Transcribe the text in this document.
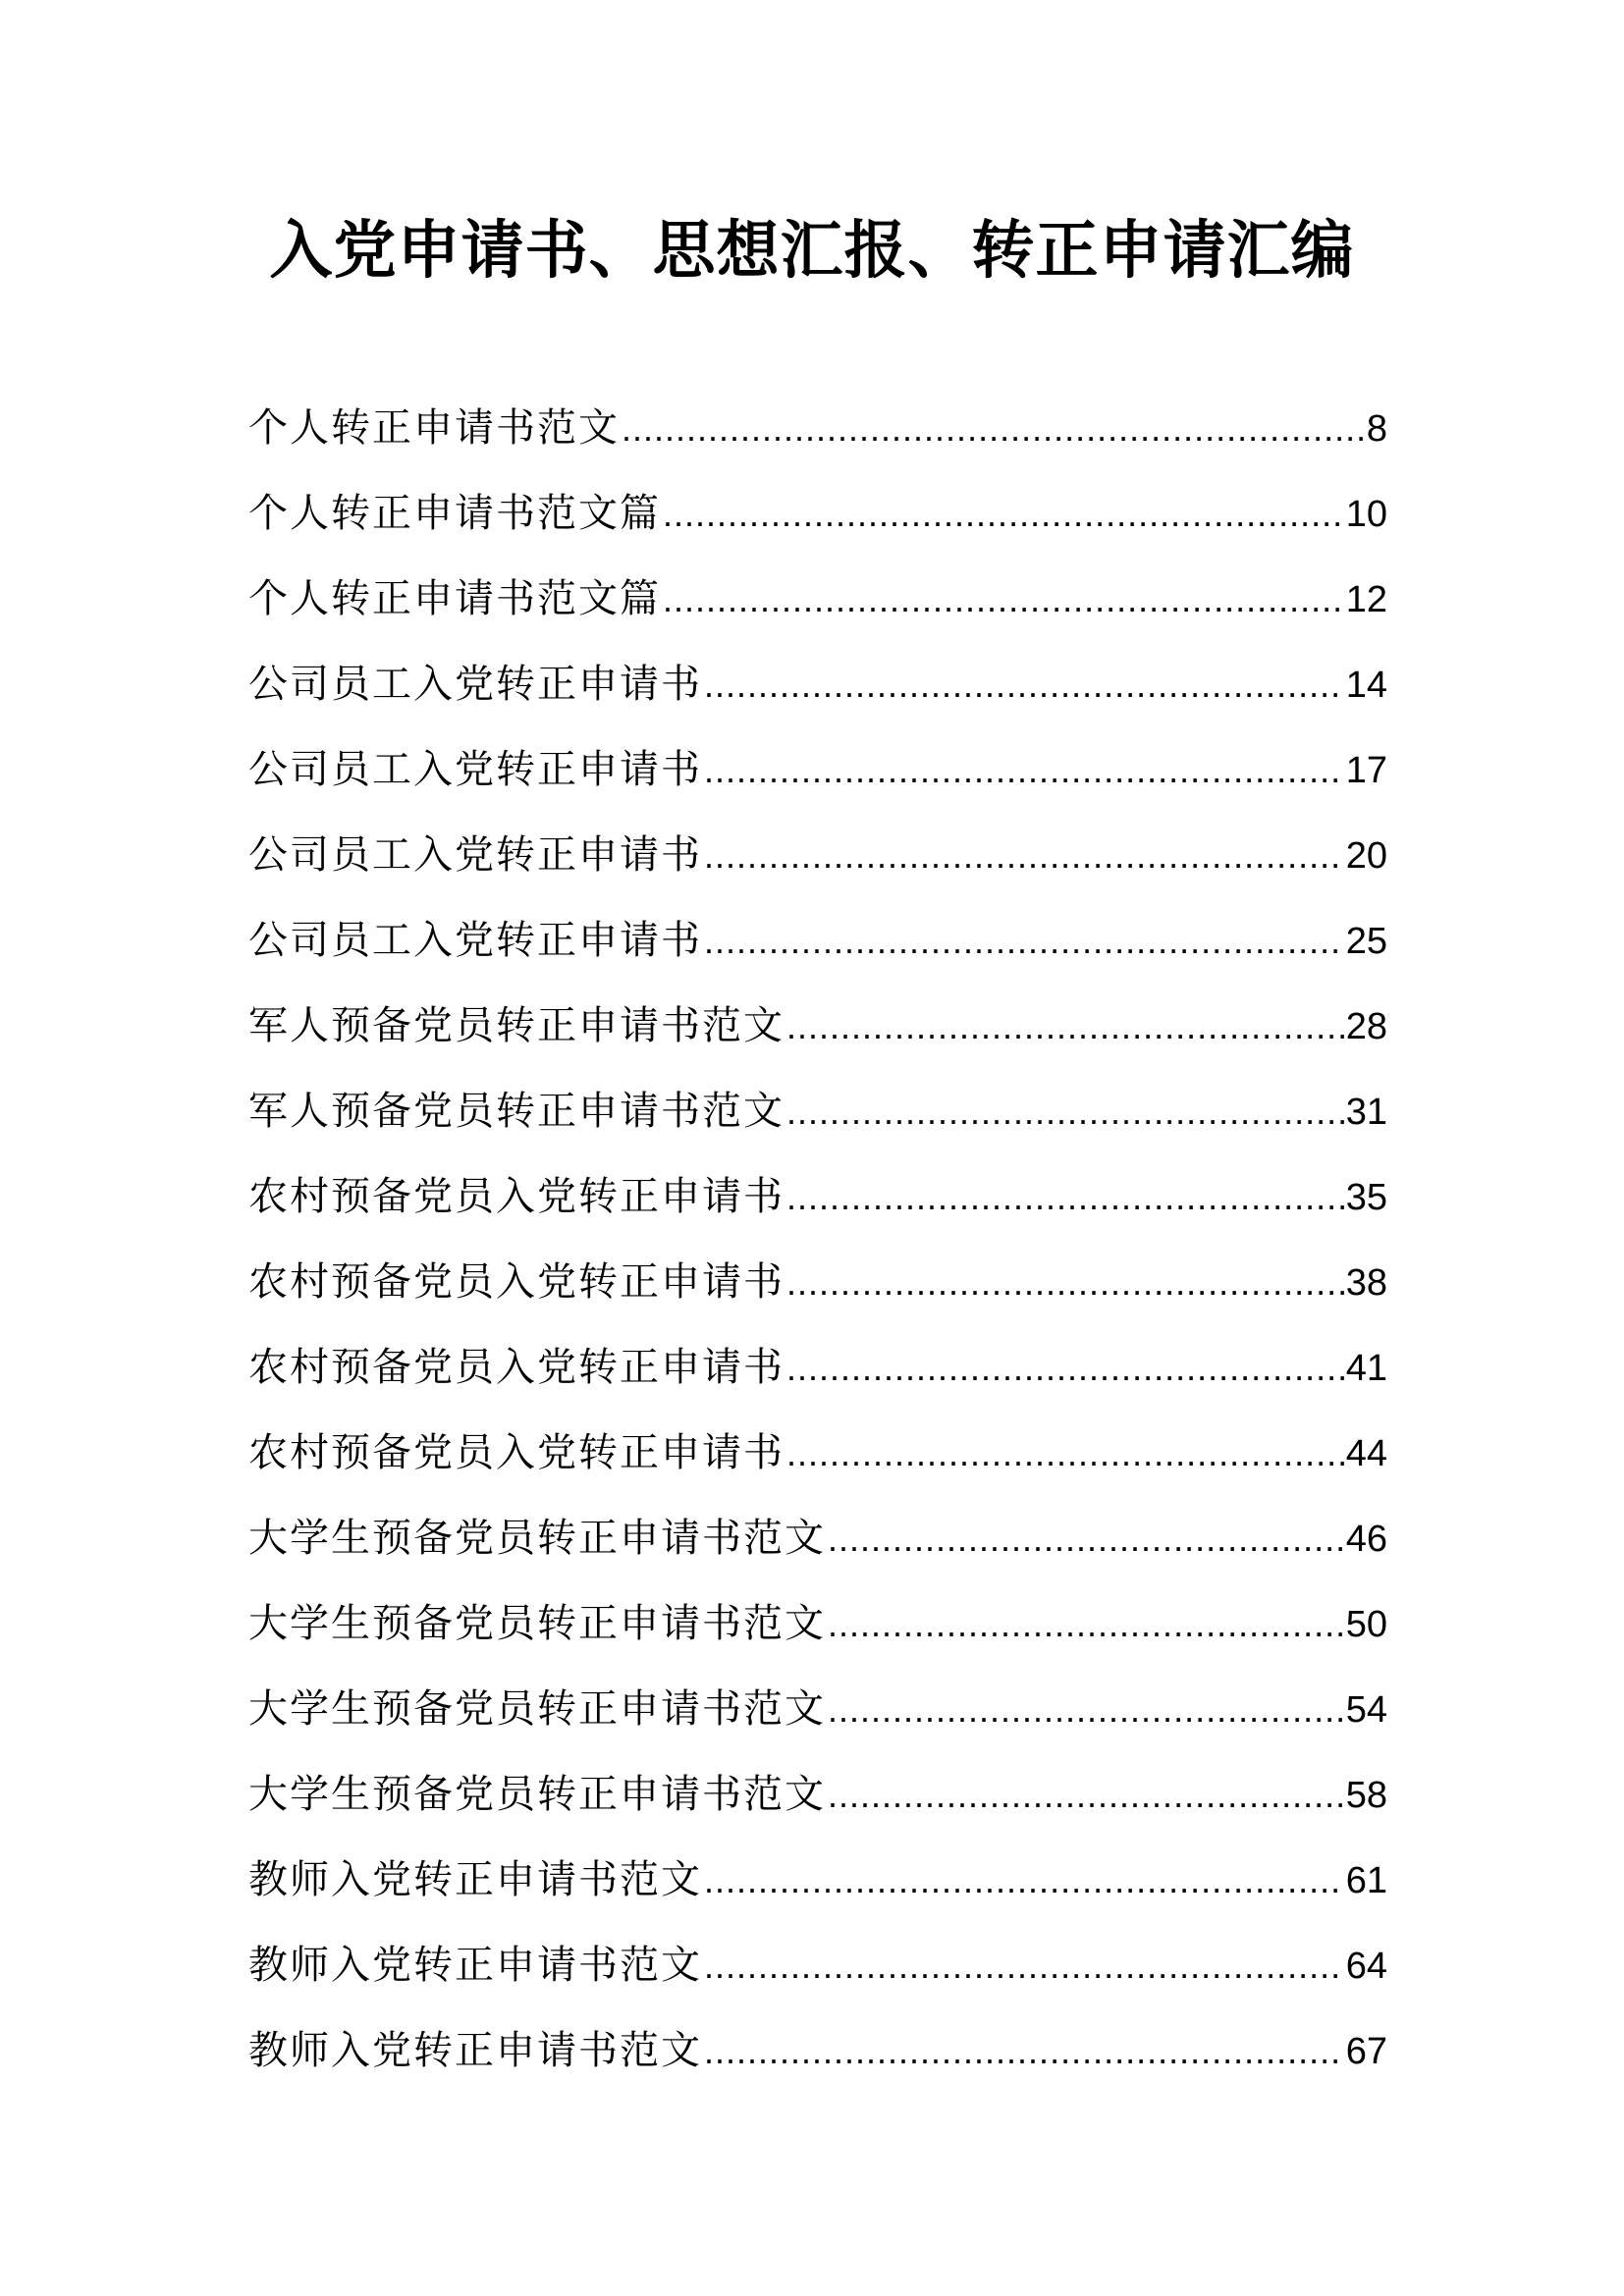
入党申请书、思想汇报、转正申请汇编
个人转正申请书范文 .....	8
个人转正申请书范文篇 .....	10
个人转正申请书范文篇 .....	12
公司员工入党转正申请书 .....	14
公司员工入党转正申请书 .....	17
公司员工入党转正申请书 .....	20
公司员工入党转正申请书 .....	25
军人预备党员转正申请书范文 .....	28
军人预备党员转正申请书范文 .....	31
农村预备党员入党转正申请书 .....	35
农村预备党员入党转正申请书 .....	38
农村预备党员入党转正申请书 .....	41
农村预备党员入党转正申请书 .....	44
大学生预备党员转正申请书范文 .....	46
大学生预备党员转正申请书范文 .....	50
大学生预备党员转正申请书范文 .....	54
大学生预备党员转正申请书范文 .....	58
教师入党转正申请书范文 .....	61
教师入党转正申请书范文 .....	64
教师入党转正申请书范文 .....	67
